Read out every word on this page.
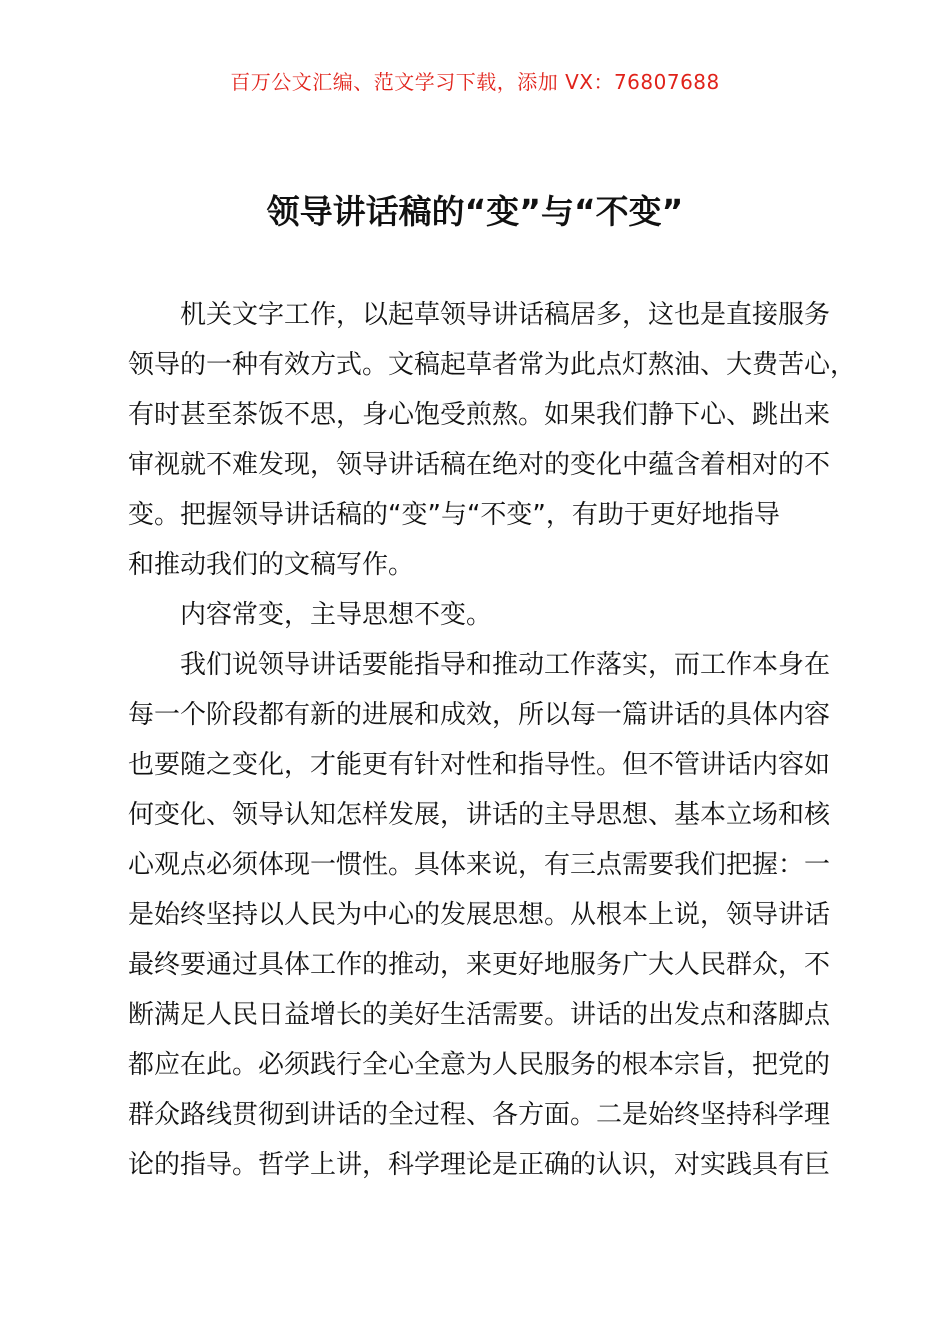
百万公文汇编、范文学习下载，添加 VX：76807688
领导讲话稿的“变”与“不变”

机关文字工作，以起草领导讲话稿居多，这也是直接服务
领导的一种有效方式。文稿起草者常为此点灯熬油、大费苦心，
有时甚至茶饭不思，身心饱受煎熬。如果我们静下心、跳出来
审视就不难发现，领导讲话稿在绝对的变化中蕴含着相对的不
变。把握领导讲话稿的“变”与“不变”，有助于更好地指导
和推动我们的文稿写作。

内容常变，主导思想不变。

我们说领导讲话要能指导和推动工作落实，而工作本身在
每一个阶段都有新的进展和成效，所以每一篇讲话的具体内容
也要随之变化，才能更有针对性和指导性。但不管讲话内容如
何变化、领导认知怎样发展，讲话的主导思想、基本立场和核
心观点必须体现一惯性。具体来说，有三点需要我们把握：一
是始终坚持以人民为中心的发展思想。从根本上说，领导讲话
最终要通过具体工作的推动，来更好地服务广大人民群众，不
断满足人民日益增长的美好生活需要。讲话的出发点和落脚点
都应在此。必须践行全心全意为人民服务的根本宗旨，把党的
群众路线贯彻到讲话的全过程、各方面。二是始终坚持科学理
论的指导。哲学上讲，科学理论是正确的认识，对实践具有巨
